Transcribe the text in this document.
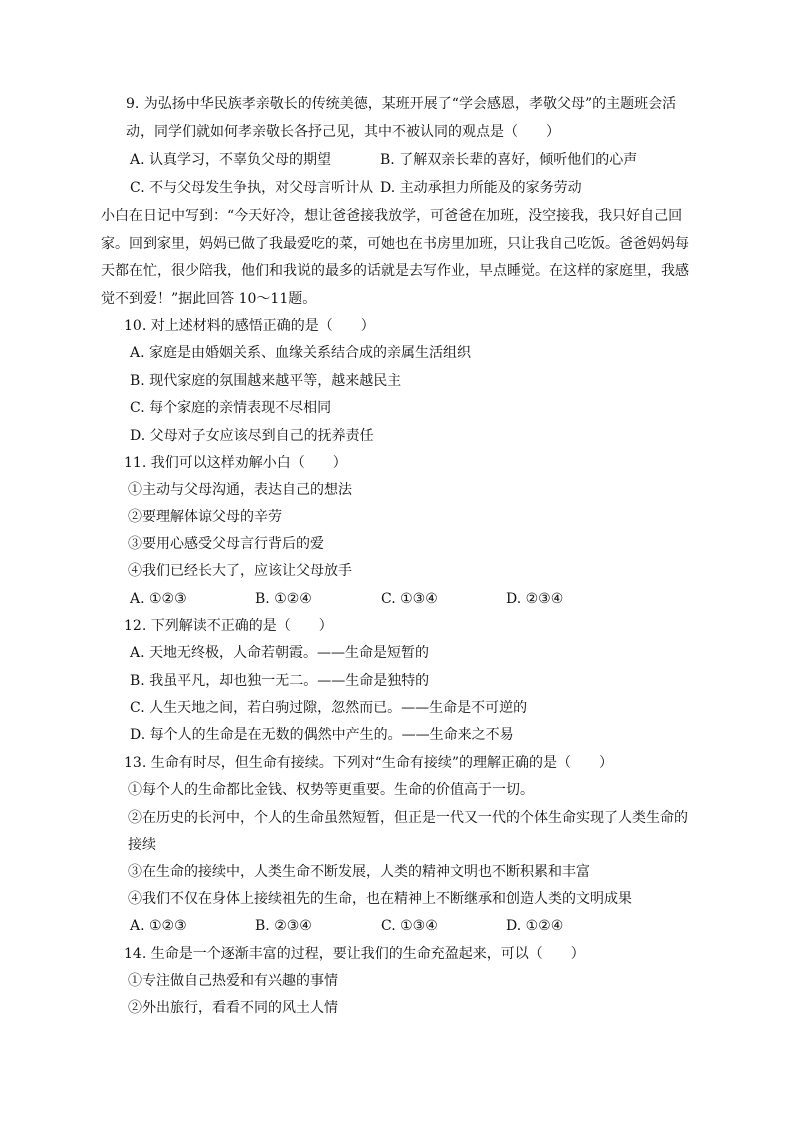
9. 为弘扬中华民族孝亲敬长的传统美德，某班开展了“学会感恩，孝敬父母”的主题班会活
动，同学们就如何孝亲敬长各抒己见，其中不被认同的观点是（　　）
A. 认真学习，不辜负父母的期望	B. 了解双亲长辈的喜好，倾听他们的心声
C. 不与父母发生争执，对父母言听计从 D. 主动承担力所能及的家务劳动
小白在日记中写到：“今天好冷，想让爸爸接我放学，可爸爸在加班，没空接我，我只好自己回
家。回到家里，妈妈已做了我最爱吃的菜，可她也在书房里加班，只让我自己吃饭。爸爸妈妈每
天都在忙，很少陪我，他们和我说的最多的话就是去写作业，早点睡觉。在这样的家庭里，我感
觉不到爱！”据此回答 10～11题。
10. 对上述材料的感悟正确的是（　　）
A. 家庭是由婚姻关系、血缘关系结合成的亲属生活组织
B. 现代家庭的氛围越来越平等，越来越民主
C. 每个家庭的亲情表现不尽相同
D. 父母对子女应该尽到自己的抚养责任
11. 我们可以这样劝解小白（　　）
①主动与父母沟通，表达自己的想法
②要理解体谅父母的辛劳
③要用心感受父母言行背后的爱
④我们已经长大了，应该让父母放手
A. ①②③	B. ①②④	C. ①③④	D. ②③④
12. 下列解读不正确的是（　　）
A. 天地无终极，人命若朝霞。——生命是短暂的
B. 我虽平凡，却也独一无二。——生命是独特的
C. 人生天地之间，若白驹过隙，忽然而已。——生命是不可逆的
D. 每个人的生命是在无数的偶然中产生的。——生命来之不易
13. 生命有时尽，但生命有接续。下列对“生命有接续”的理解正确的是（　　）
①每个人的生命都比金钱、权势等更重要。生命的价值高于一切。
②在历史的长河中，个人的生命虽然短暂，但正是一代又一代的个体生命实现了人类生命的
接续
③在生命的接续中，人类生命不断发展，人类的精神文明也不断积累和丰富
④我们不仅在身体上接续祖先的生命，也在精神上不断继承和创造人类的文明成果
A. ①②③	B. ②③④	C. ①③④	D. ①②④
14. 生命是一个逐渐丰富的过程，要让我们的生命充盈起来，可以（　　）
①专注做自己热爱和有兴趣的事情
②外出旅行，看看不同的风土人情
